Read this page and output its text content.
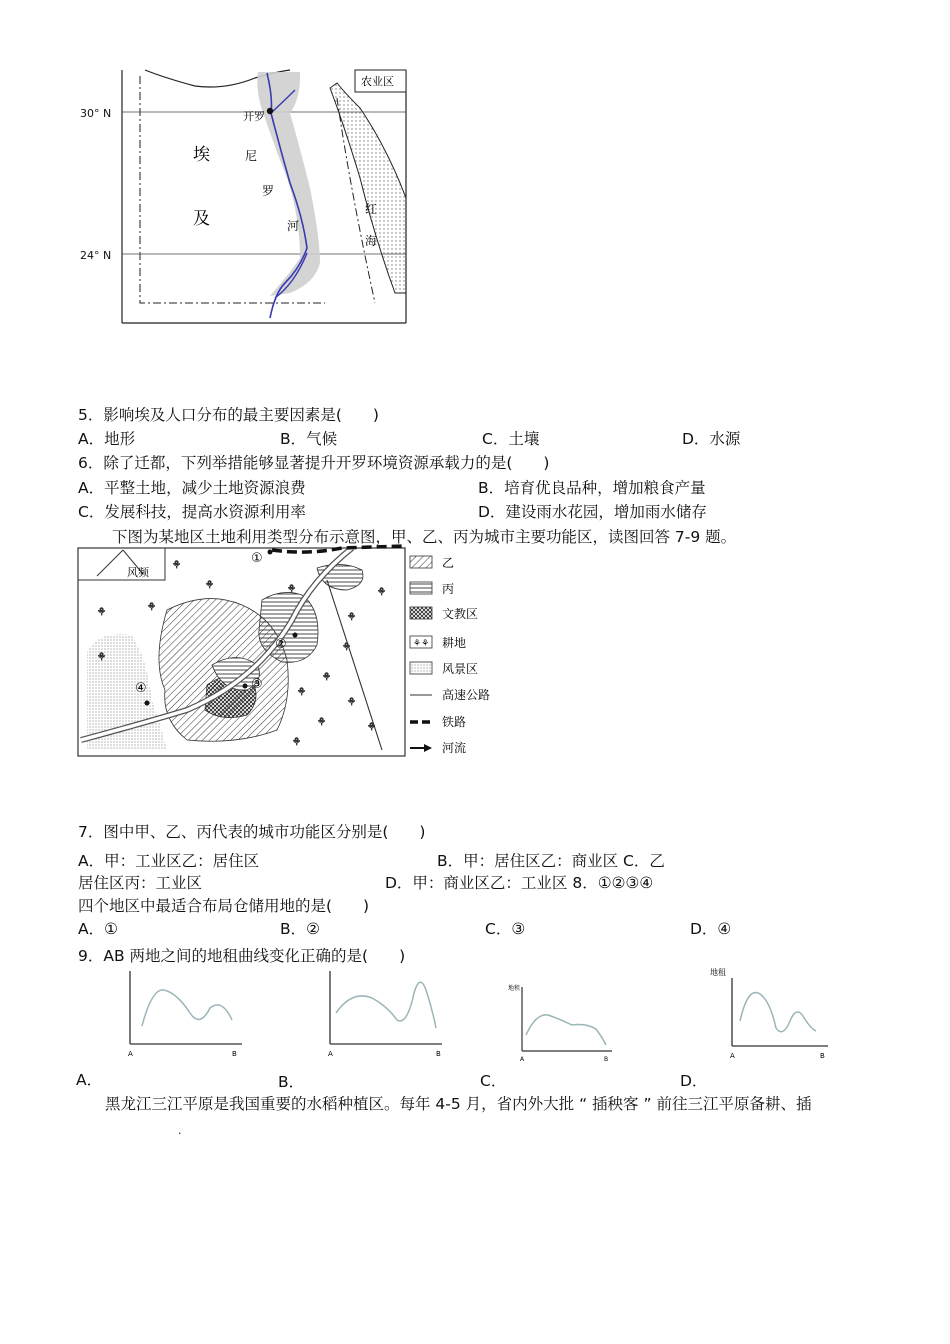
农业区
开罗
埃
及
尼
罗
河
红
海
30° N
24° N
5．影响埃及人口分布的最主要因素是(　　)
A．地形	B．气候	C．土壤	D．水源
6．除了迁都，下列举措能够显著提升开罗环境资源承载力的是(　　)
A．平整土地，减少土地资源浪费	B．培育优良品种，增加粮食产量
C．发展科技，提高水资源利用率	D．建设雨水花园，增加雨水储存
下图为某地区土地利用类型分布示意图，甲、乙、丙为城市主要功能区，读图回答 7-9 题。
风频
⚘
⚘
⚘
⚘
⚘
⚘
⚘
⚘
⚘
⚘
⚘
⚘
⚘	⚘
⚘
①
②
③
④
乙
丙
文教区
⚘⚘ 耕地
风景区
高速公路
铁路
河流
7．图中甲、乙、丙代表的城市功能区分别是(　　)
A．甲：工业区乙：居住区	B．甲：居住区乙：商业区 C．乙
居住区丙：工业区	D．甲：商业区乙：工业区 8．①②③④
四个地区中最适合布局仓储用地的是(　　)
A．①	B．②	C．③	D．④
9．AB 两地之间的地租曲线变化正确的是(　　)
A	B
A．
A	B
B．
地租
A	B
C．
地租
A	B
D．
黑龙江三江平原是我国重要的水稻种植区。每年 4-5 月，省内外大批 “ 插秧客 ” 前往三江平原备耕、插
.
